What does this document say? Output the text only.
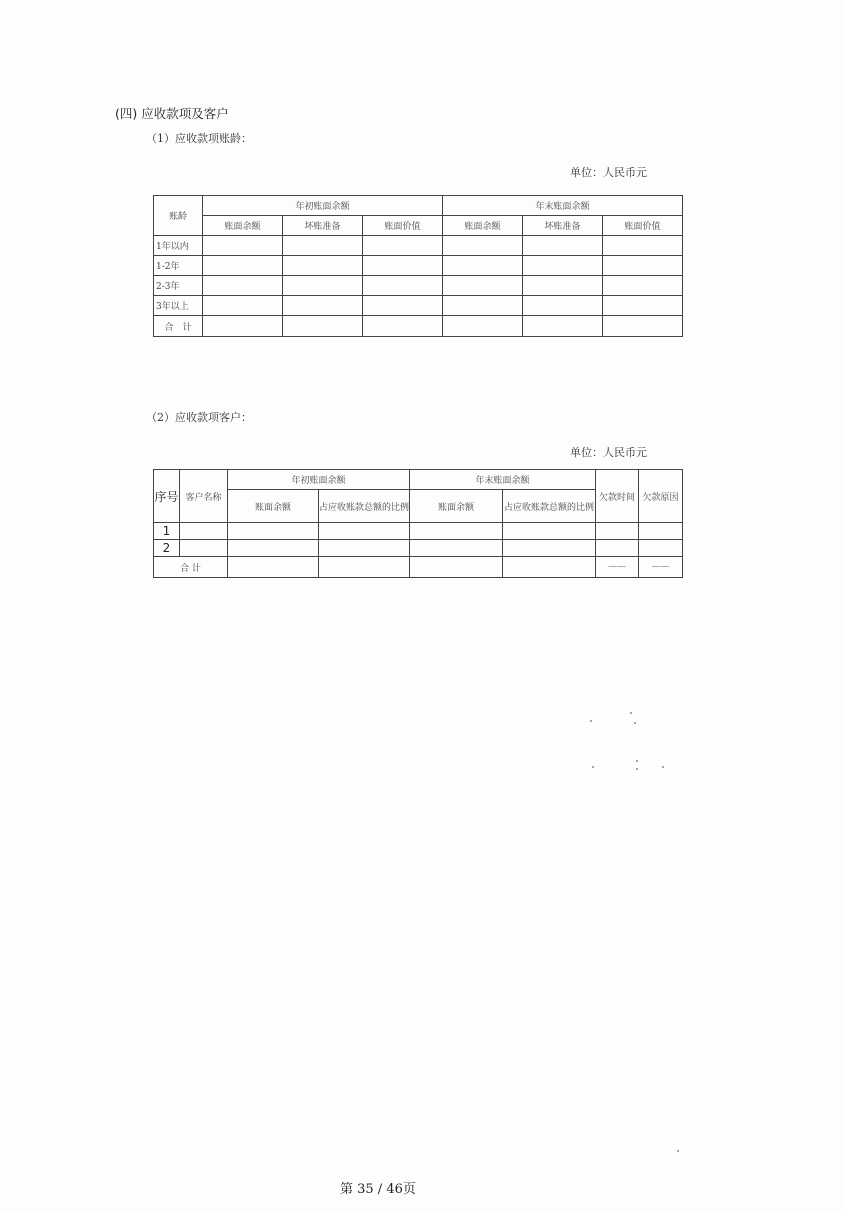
(四) 应收款项及客户
（1）应收款项账龄：
单位：人民币元
账龄	年初账面余额			年末账面余额		
	账面余额	坏账准备	账面价值	账面余额	坏账准备	账面价值
1年以内						
1-2年						
2-3年						
3年以上						
合　计						
（2）应收款项客户：
单位：人民币元
序号	客户名称	年初账面余额		年末账面余额		欠款时间	欠款原因
		账面余额	占应收账款总额的比例	账面余额	占应收账款总额的比例		
1							
2							
合 计						——	——
第 35 / 46页
